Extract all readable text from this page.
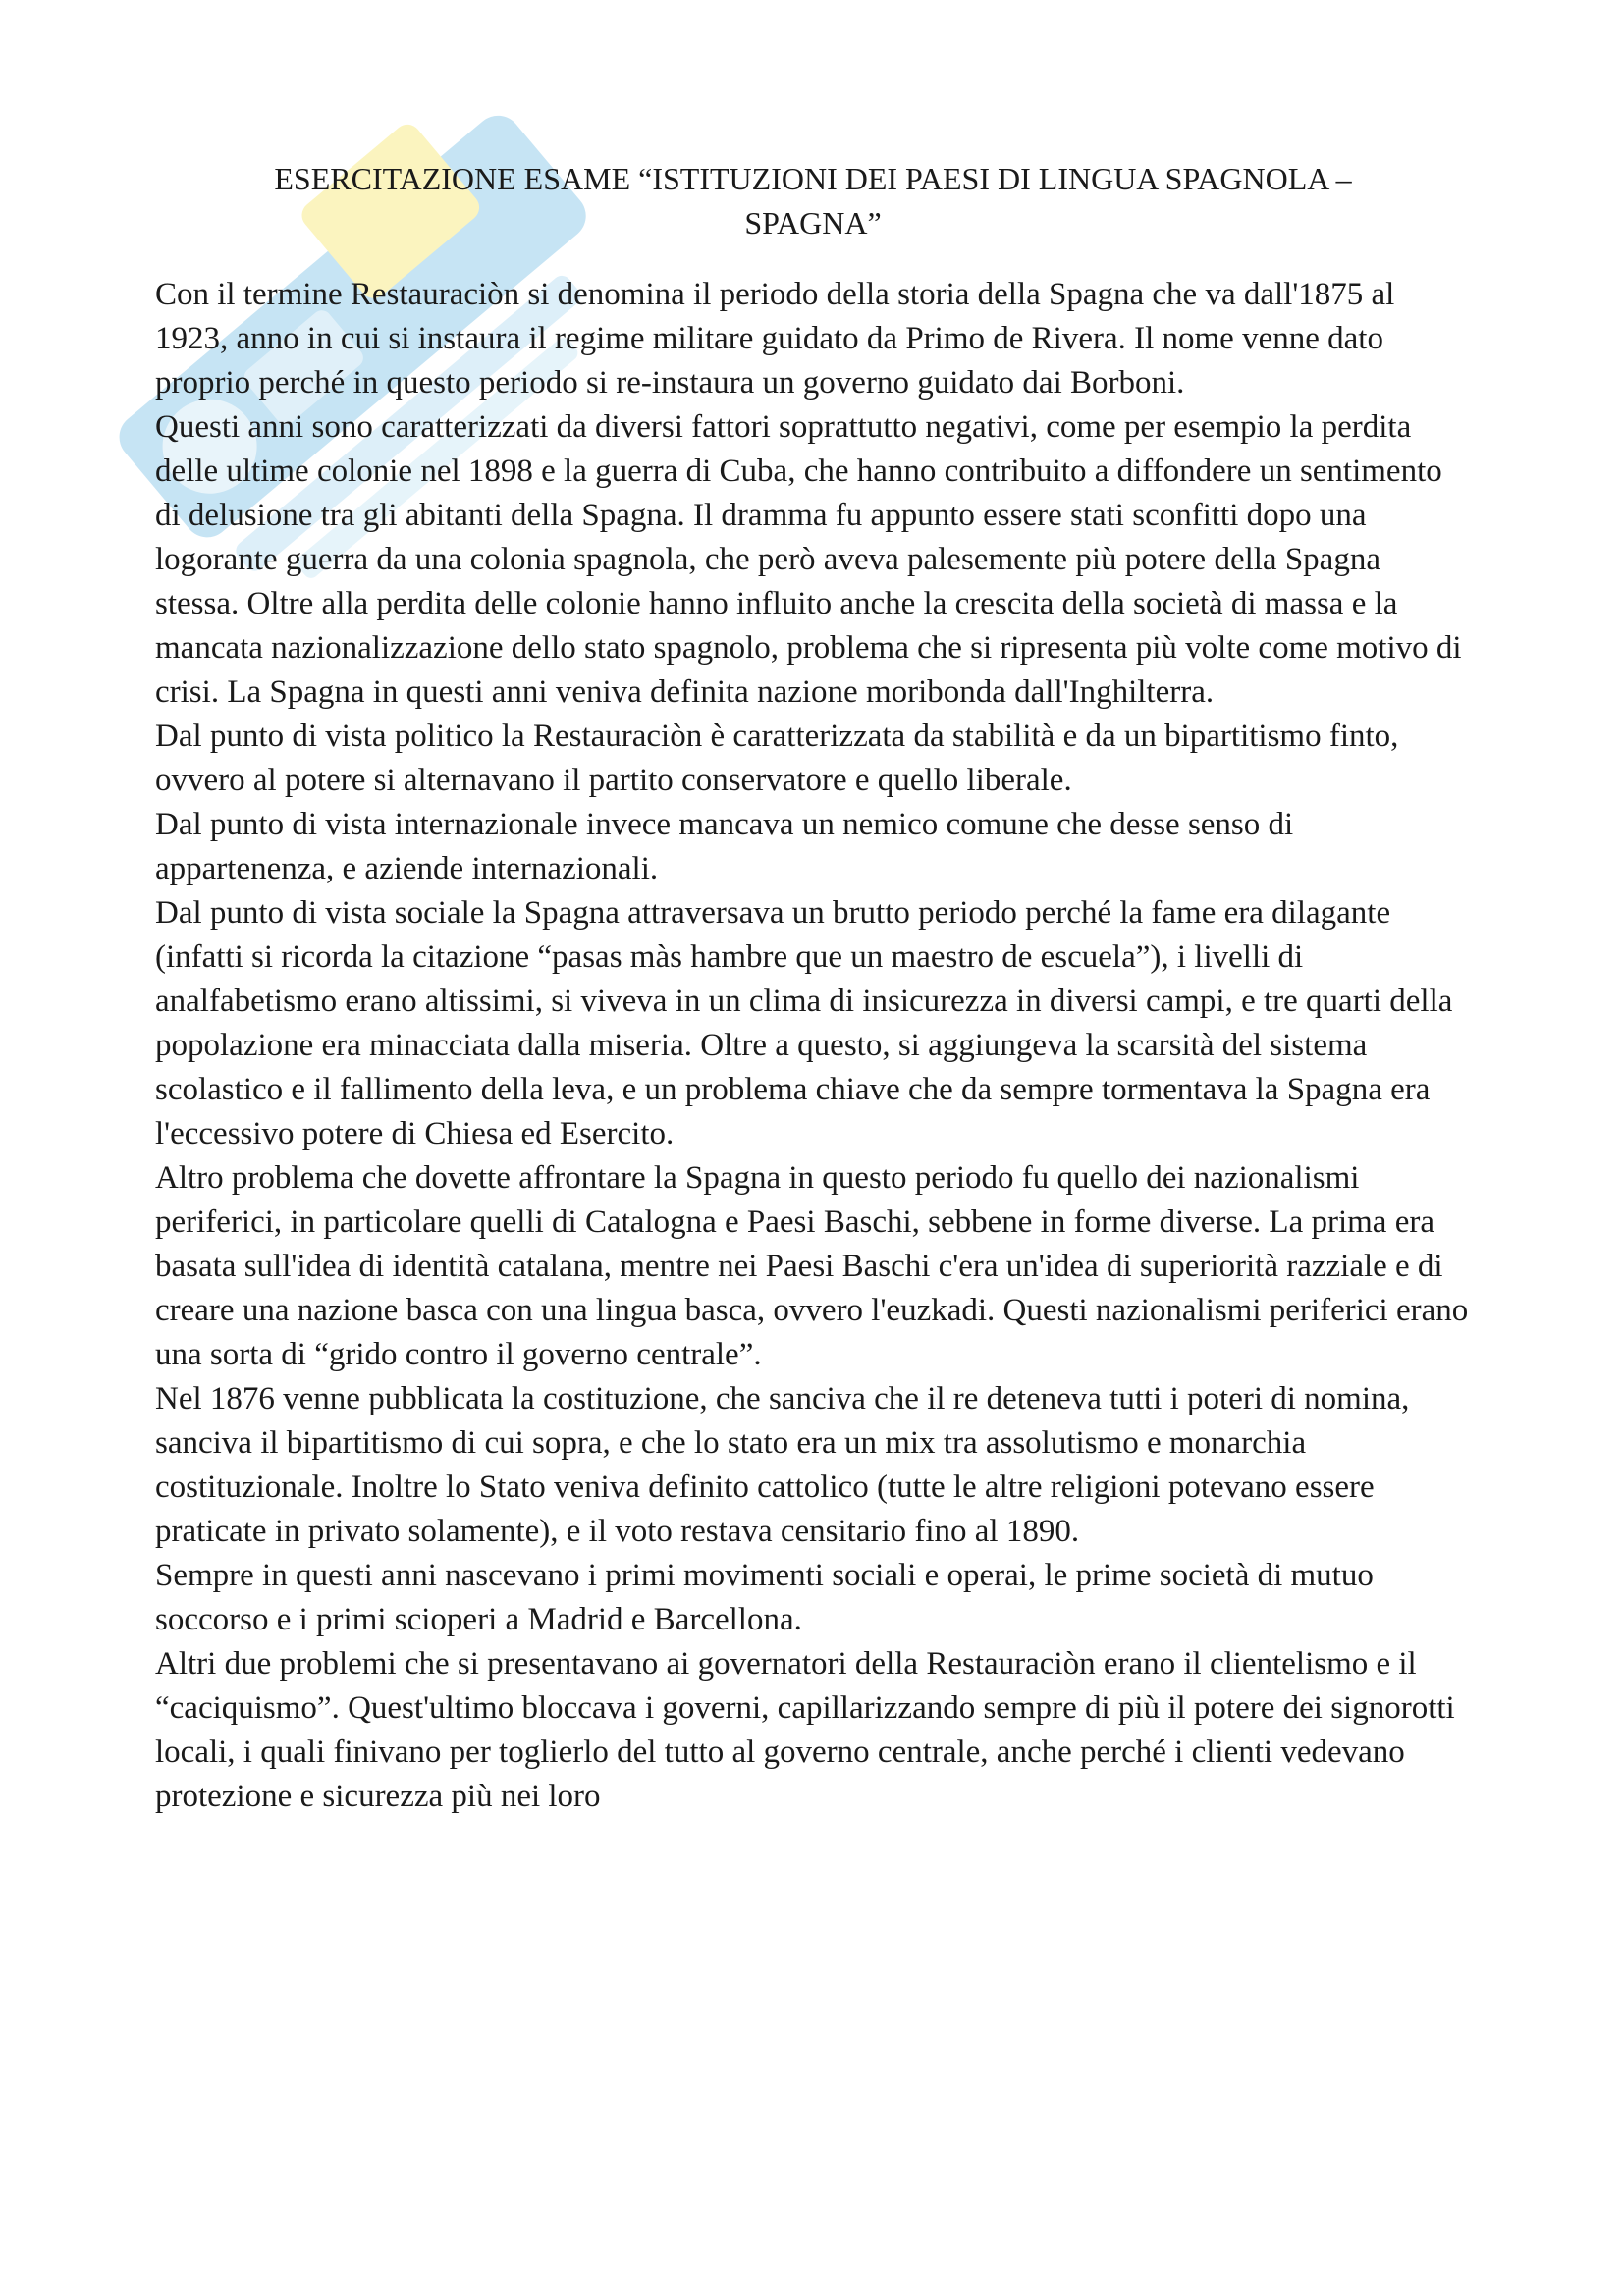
ESERCITAZIONE ESAME “ISTITUZIONI DEI PAESI DI LINGUA SPAGNOLA –
SPAGNA”

Con il termine Restauraciòn si denomina il periodo della storia della Spagna che va dall'1875 al 1923, anno in cui si instaura il regime militare guidato da Primo de Rivera. Il nome venne dato proprio perché in questo periodo si re-instaura un governo guidato dai Borboni.

Questi anni sono caratterizzati da diversi fattori soprattutto negativi, come per esempio la perdita delle ultime colonie nel 1898 e la guerra di Cuba, che hanno contribuito a diffondere un sentimento di delusione tra gli abitanti della Spagna. Il dramma fu appunto essere stati sconfitti dopo una logorante guerra da una colonia spagnola, che però aveva palesemente più potere della Spagna stessa. Oltre alla perdita delle colonie hanno influito anche la crescita della società di massa e la mancata nazionalizzazione dello stato spagnolo, problema che si ripresenta più volte come motivo di crisi. La Spagna in questi anni veniva definita nazione moribonda dall'Inghilterra.

Dal punto di vista politico la Restauraciòn è caratterizzata da stabilità e da un bipartitismo finto, ovvero al potere si alternavano il partito conservatore e quello liberale.

Dal punto di vista internazionale invece mancava un nemico comune che desse senso di appartenenza, e aziende internazionali.

Dal punto di vista sociale la Spagna attraversava un brutto periodo perché la fame era dilagante (infatti si ricorda la citazione “pasas màs hambre que un maestro de escuela”), i livelli di analfabetismo erano altissimi, si viveva in un clima di insicurezza in diversi campi, e tre quarti della popolazione era minacciata dalla miseria. Oltre a questo, si aggiungeva la scarsità del sistema scolastico e il fallimento della leva, e un problema chiave che da sempre tormentava la Spagna era l'eccessivo potere di Chiesa ed Esercito.

Altro problema che dovette affrontare la Spagna in questo periodo fu quello dei nazionalismi periferici, in particolare quelli di Catalogna e Paesi Baschi, sebbene in forme diverse. La prima era basata sull'idea di identità catalana, mentre nei Paesi Baschi c'era un'idea di superiorità razziale e di creare una nazione basca con una lingua basca, ovvero l'euzkadi. Questi nazionalismi periferici erano una sorta di “grido contro il governo centrale”.

Nel 1876 venne pubblicata la costituzione, che sanciva che il re deteneva tutti i poteri di nomina, sanciva il bipartitismo di cui sopra, e che lo stato era un mix tra assolutismo e monarchia costituzionale. Inoltre lo Stato veniva definito cattolico (tutte le altre religioni potevano essere praticate in privato solamente), e il voto restava censitario fino al 1890.

Sempre in questi anni nascevano i primi movimenti sociali e operai, le prime società di mutuo soccorso e i primi scioperi a Madrid e Barcellona.

Altri due problemi che si presentavano ai governatori della Restauraciòn erano il clientelismo e il “caciquismo”. Quest'ultimo bloccava i governi, capillarizzando sempre di più il potere dei signorotti locali, i quali finivano per toglierlo del tutto al governo centrale, anche perché i clienti vedevano protezione e sicurezza più nei loro
